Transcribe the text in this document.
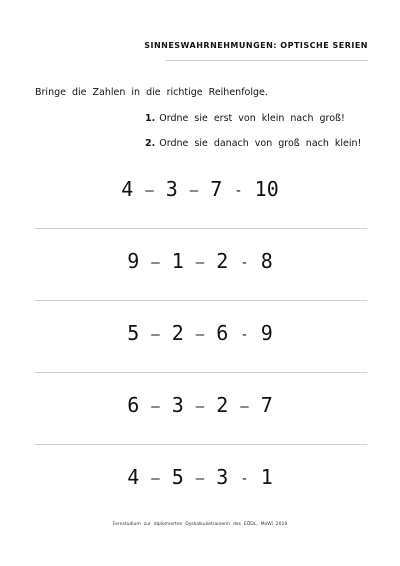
SINNESWAHRNEHMUNGEN: OPTISCHE SERIEN
Bringe die Zahlen in die richtige Reihenfolge.
1. Ordne sie erst von klein nach groß!
2. Ordne sie danach von groß nach klein!
4 – 3 – 7 - 10
9 – 1 – 2 - 8
5 – 2 – 6 - 9
6 – 3 – 2 – 7
4 – 5 – 3 - 1
Fernstudium zur diplomierten Dyskalkulietrainerin des EÖDL, MeWi 2019
